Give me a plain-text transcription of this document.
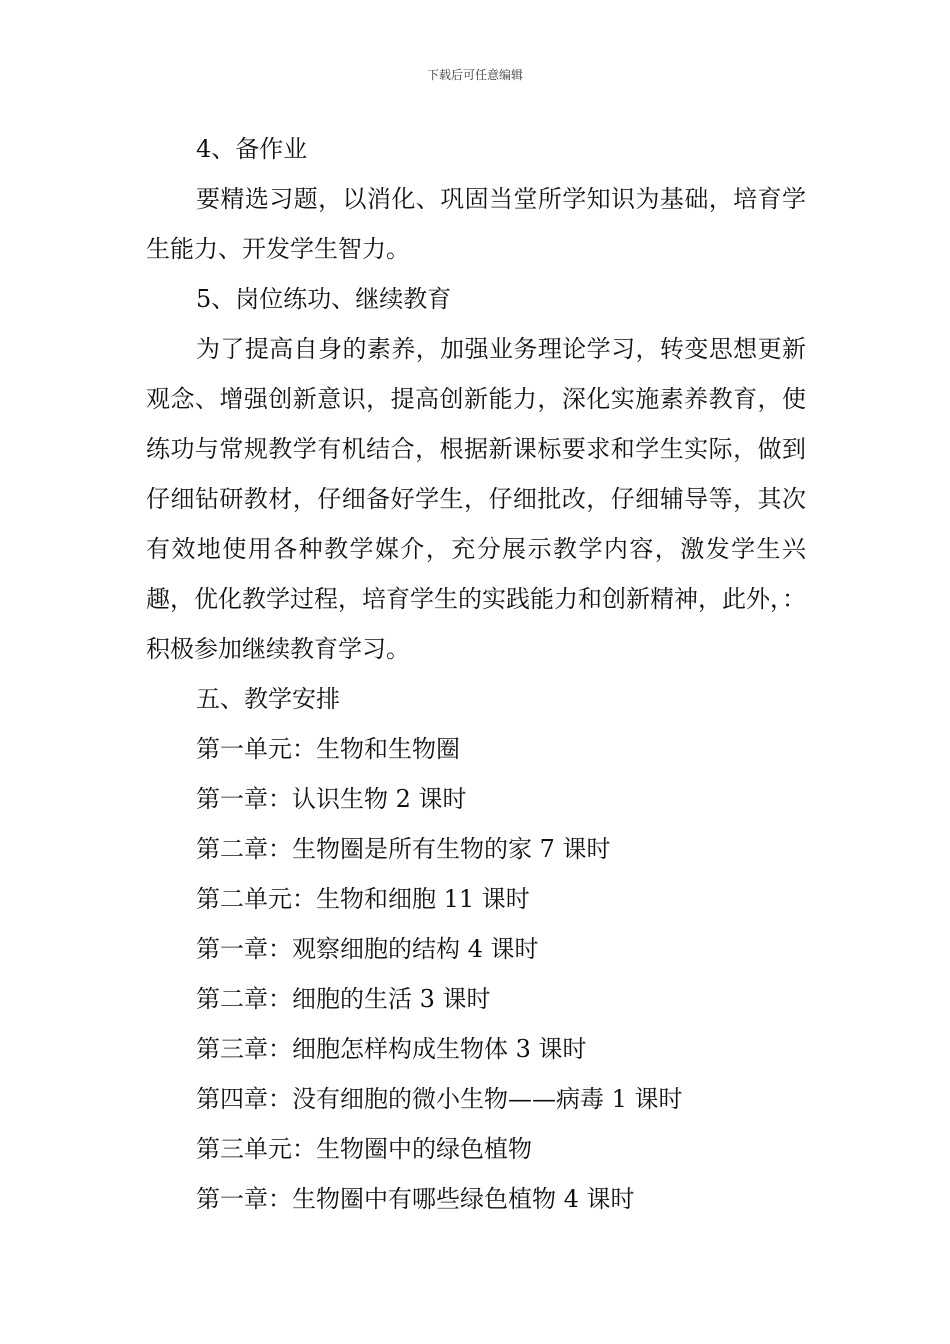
下载后可任意编辑
4、备作业

要精选习题，以消化、巩固当堂所学知识为基础，培育学生能力、开发学生智力。

5、岗位练功、继续教育

为了提高自身的素养，加强业务理论学习，转变思想更新观念、增强创新意识，提高创新能力，深化实施素养教育，使练功与常规教学有机结合，根据新课标要求和学生实际，做到仔细钻研教材，仔细备好学生，仔细批改，仔细辅导等，其次有效地使用各种教学媒介，充分展示教学内容，激发学生兴趣，优化教学过程，培育学生的实践能力和创新精神，此外，：积极参加继续教育学习。

五、教学安排
第一单元：生物和生物圈
第一章：认识生物 2 课时
第二章：生物圈是所有生物的家 7 课时
第二单元：生物和细胞 11 课时
第一章：观察细胞的结构 4 课时
第二章：细胞的生活 3 课时
第三章：细胞怎样构成生物体 3 课时
第四章：没有细胞的微小生物——病毒 1 课时
第三单元：生物圈中的绿色植物
第一章：生物圈中有哪些绿色植物 4 课时
